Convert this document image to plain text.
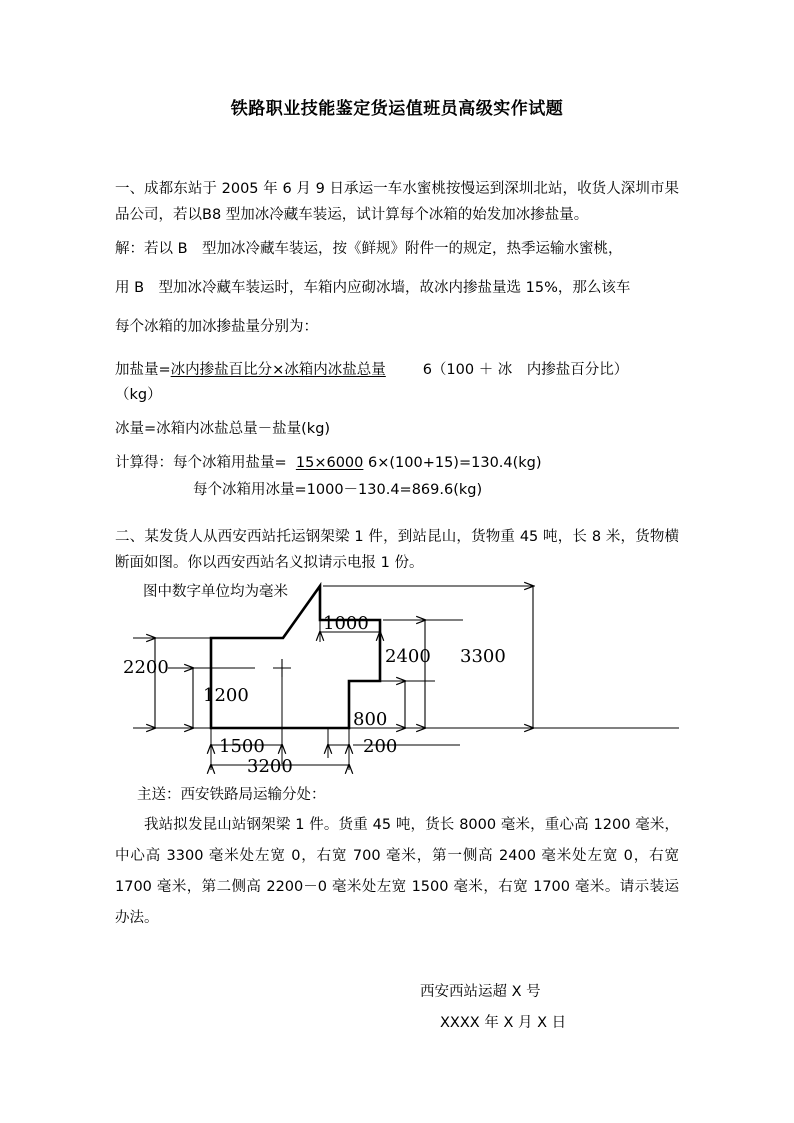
铁路职业技能鉴定货运值班员高级实作试题

一、成都东站于 2005 年 6 月 9 日承运一车水蜜桃按慢运到深圳北站，收货人深圳市果品公司，若以B8 型加冰冷藏车装运，试计算每个冰箱的始发加冰掺盐量。

解：若以 B　型加冰冷藏车装运，按《鲜规》附件一的规定，热季运输水蜜桃，

用 B　型加冰冷藏车装运时，车箱内应砌冰墙，故冰内掺盐量选 15%，那么该车

每个冰箱的加冰掺盐量分别为：

加盐量=冰内掺盐百比分×冰箱内冰盐总量	6（100 ＋ 冰　内掺盐百分比）
（kg）

冰量=冰箱内冰盐总量－盐量(kg)

计算得：每个冰箱用盐量= 15×6000 6×(100+15)=130.4(kg)
每个冰箱用冰量=1000－130.4=869.6(kg)

二、某发货人从西安西站托运钢架梁 1 件，到站昆山，货物重 45 吨，长 8 米，货物横断面如图。你以西安西站名义拟请示电报 1 份。

图中数字单位均为毫米
2200
1200
1000
2400 3300
800
1500
3200
200

主送：西安铁路局运输分处：

我站拟发昆山站钢架梁 1 件。货重 45 吨，货长 8000 毫米，重心高 1200 毫米，中心高 3300 毫米处左宽 0，右宽 700 毫米，第一侧高 2400 毫米处左宽 0，右宽 1700 毫米，第二侧高 2200－0 毫米处左宽 1500 毫米，右宽 1700 毫米。请示装运办法。

西安西站运超 X 号

XXXX 年 X 月 X 日
